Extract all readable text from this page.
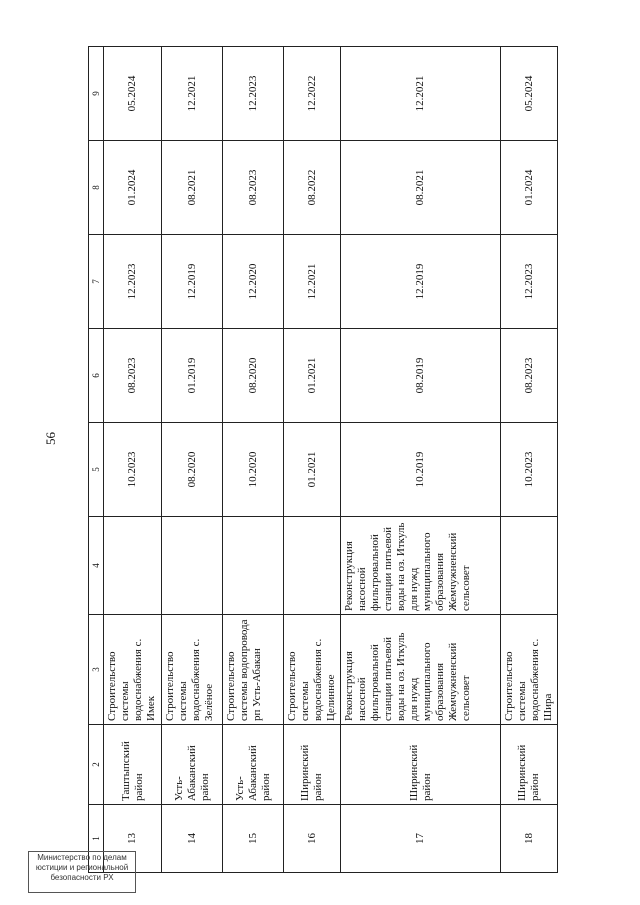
56
1	2	3	4	5	6	7	8	9
13	Таштыпский район	Строительство системы водоснабжения с. Имек		10.2023	08.2023	12.2023	01.2024	05.2024
14	Усть-Абаканский район	Строительство системы водоснабжения с. Зелёное		08.2020	01.2019	12.2019	08.2021	12.2021
15	Усть-Абаканский район	Строительство системы водопровода рп Усть-Абакан		10.2020	08.2020	12.2020	08.2023	12.2023
16	Ширинский район	Строительство системы водоснабжения с. Целинное		01.2021	01.2021	12.2021	08.2022	12.2022
17	Ширинский район	Реконструкция насосной фильтровальной станции питьевой воды на оз. Иткуль для нужд муниципального образования Жемчужненский сельсовет	Реконструкция насосной фильтровальной станции питьевой воды на оз. Иткуль для нужд муниципального образования Жемчужненский сельсовет	10.2019	08.2019	12.2019	08.2021	12.2021
18	Ширинский район	Строительство системы водоснабжения с. Шира		10.2023	08.2023	12.2023	01.2024	05.2024
Министерство по делам
юстиции и региональной
безопасности РХ
